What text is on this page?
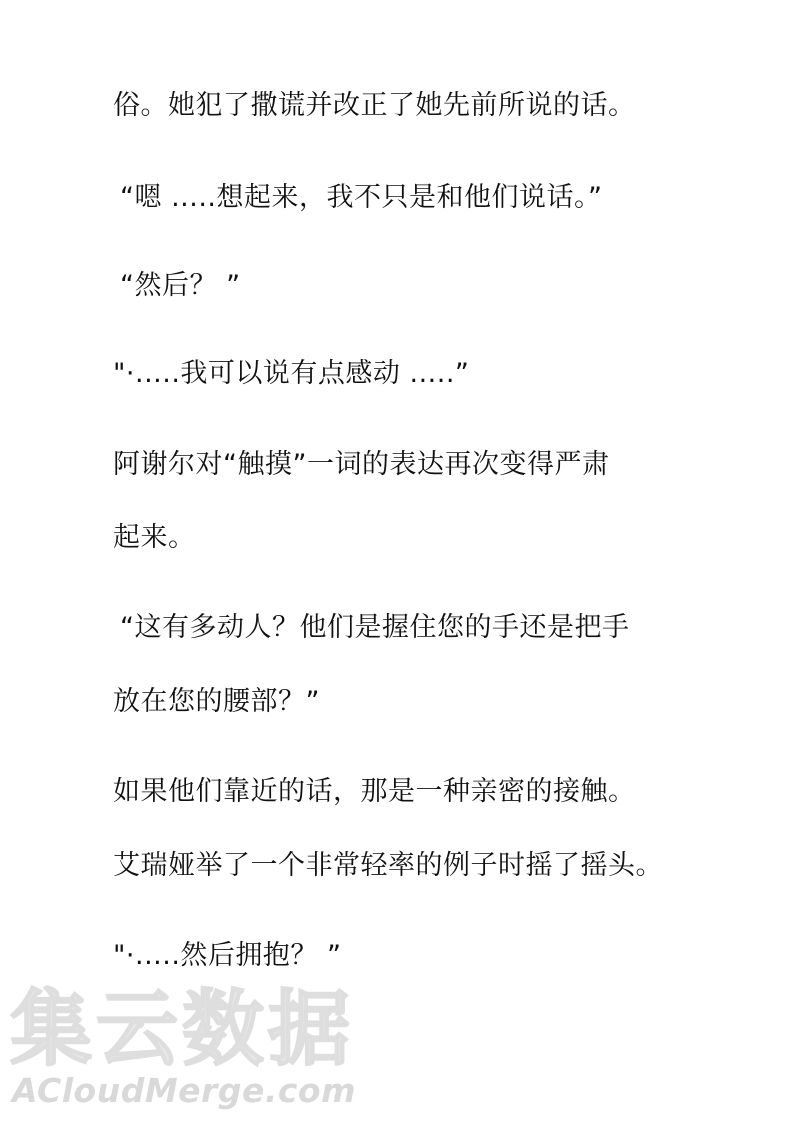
俗。她犯了撒谎并改正了她先前所说的话。
“嗯 .....想起来，我不只是和他们说话。”
“然后？ ”
"·.....我可以说有点感动 .....”
阿谢尔对“触摸”一词的表达再次变得严肃
起来。
“这有多动人？他们是握住您的手还是把手
放在您的腰部？”
如果他们靠近的话，那是一种亲密的接触。
艾瑞娅举了一个非常轻率的例子时摇了摇头。
"·.....然后拥抱？ ”
集云数据
ACloudMerge.com
